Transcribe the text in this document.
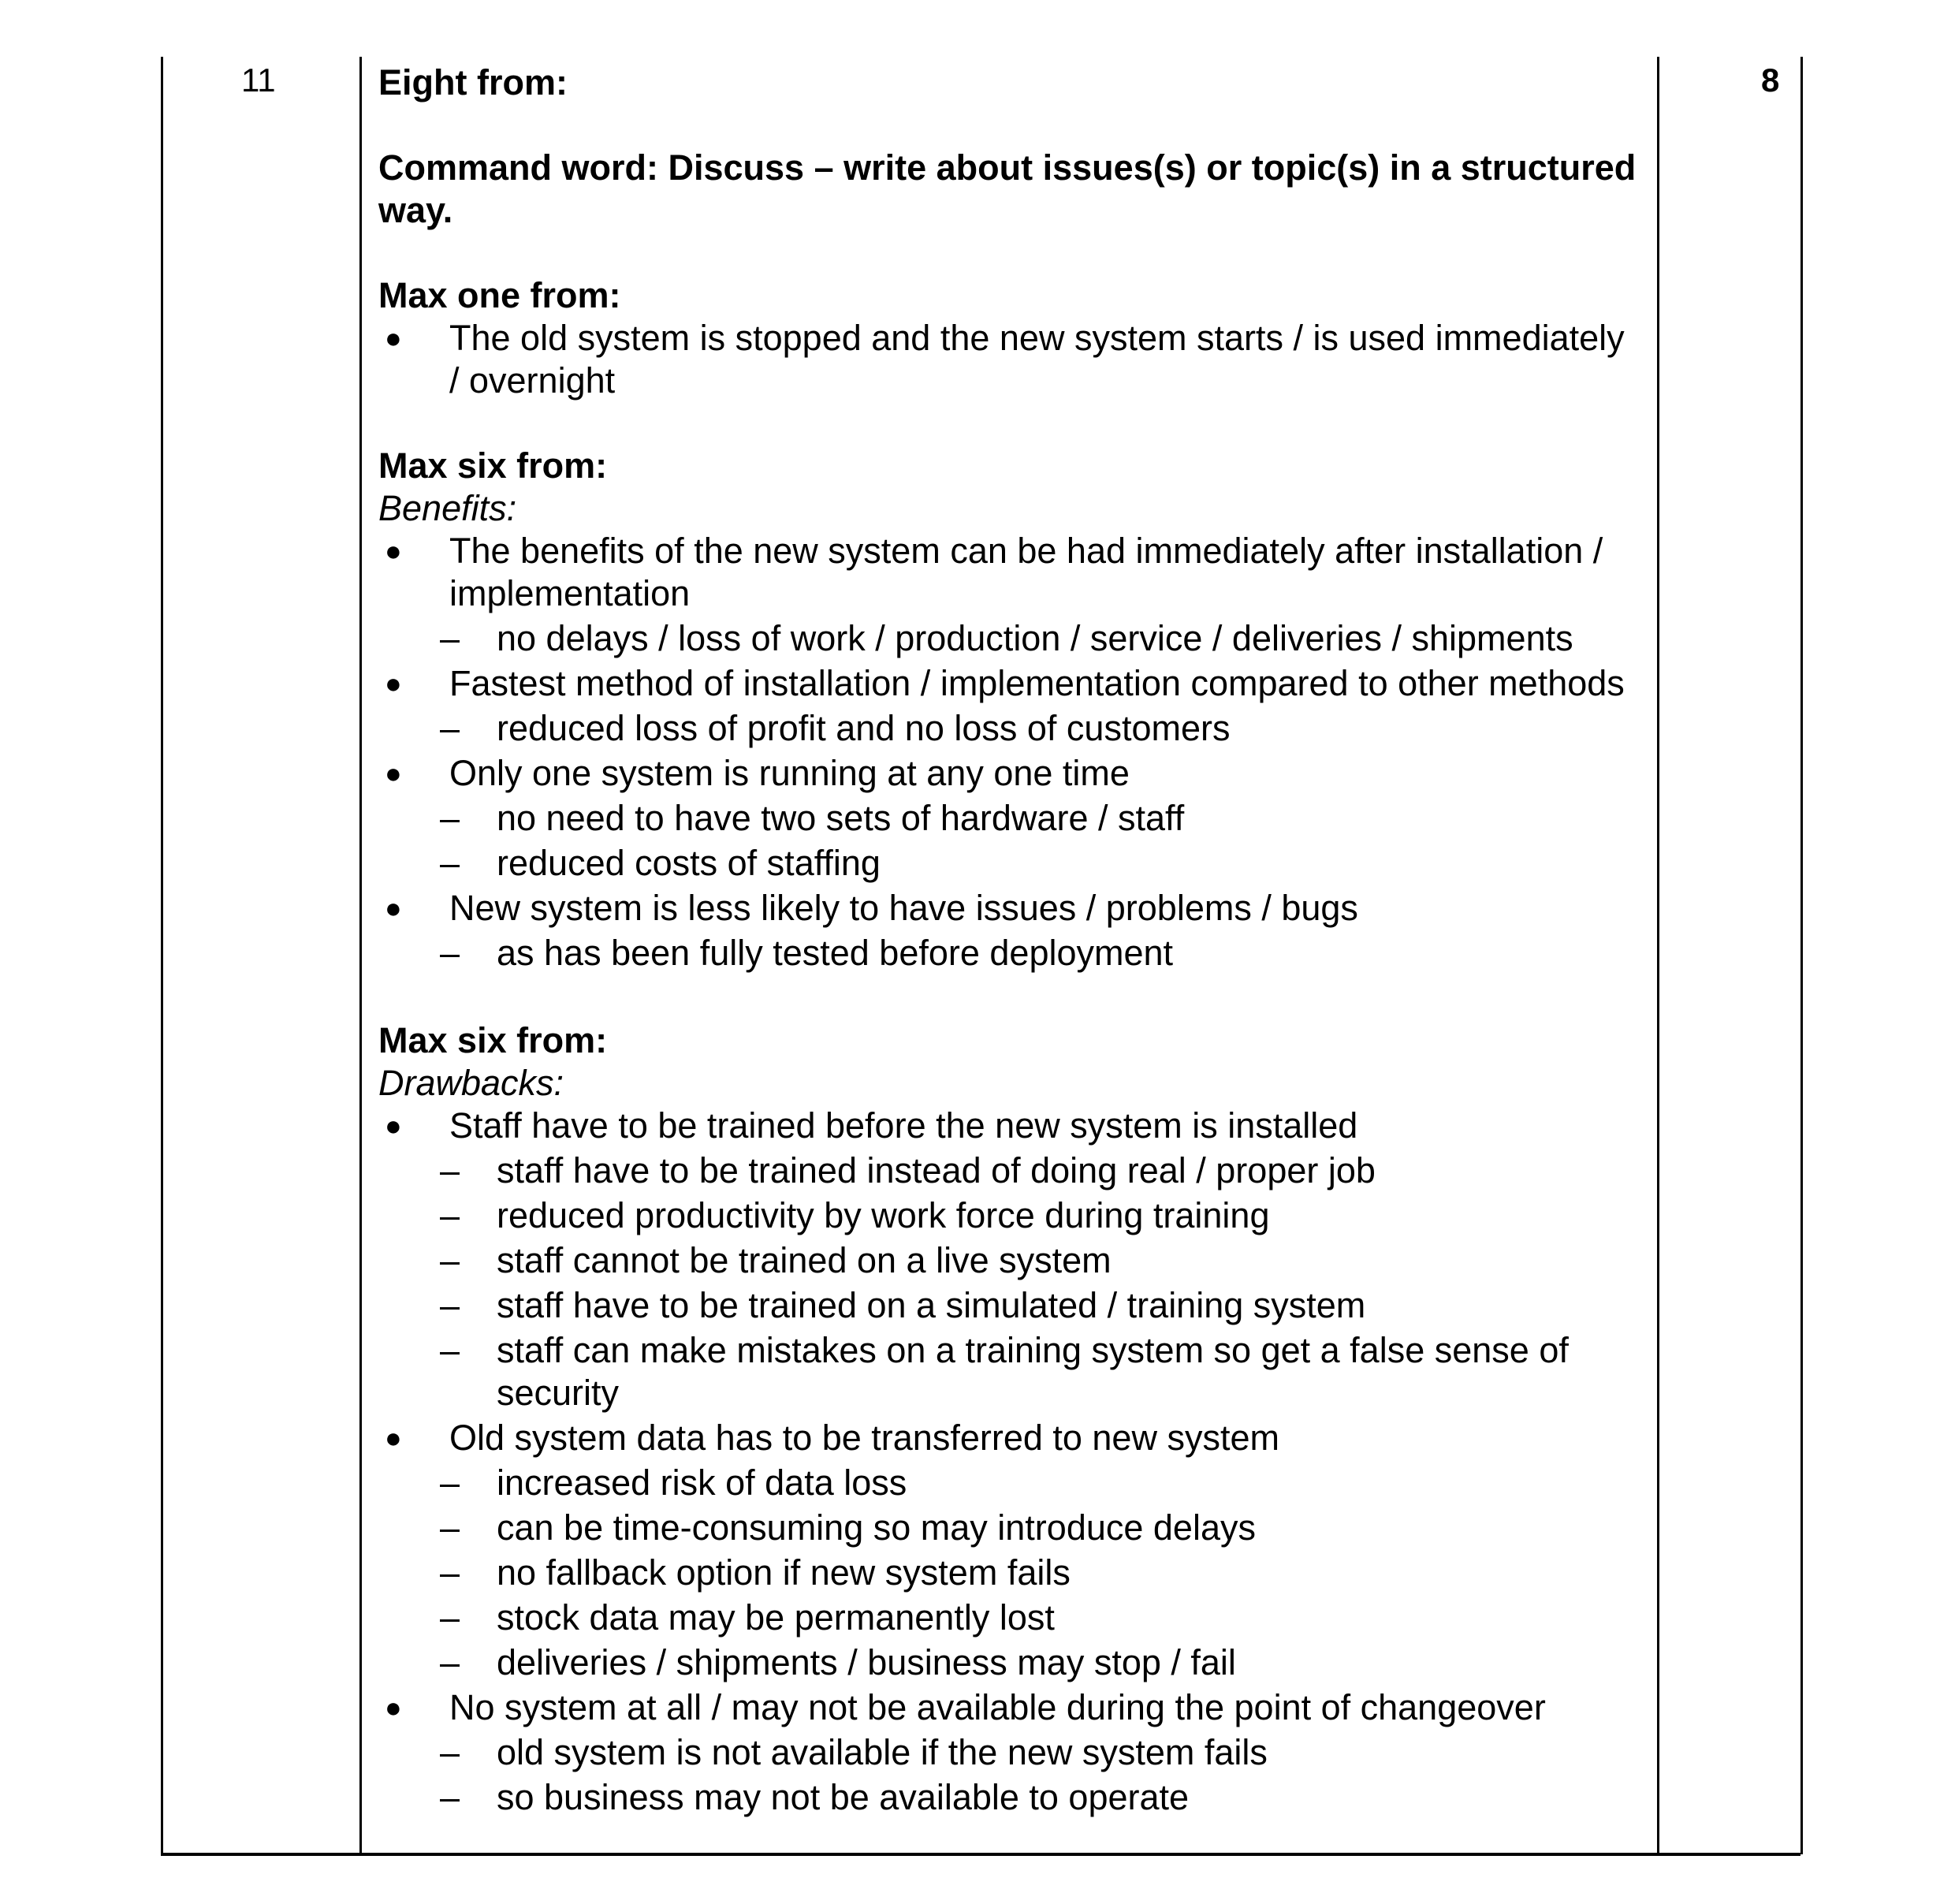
11	8
Eight from:
Command word: Discuss – write about issues(s) or topic(s) in a structured way.
Max one from:
● The old system is stopped and the new system starts / is used immediately / overnight
Max six from:
Benefits:
● The benefits of the new system can be had immediately after installation / implementation
– no delays / loss of work / production / service / deliveries / shipments
● Fastest method of installation / implementation compared to other methods
– reduced loss of profit and no loss of customers
● Only one system is running at any one time
– no need to have two sets of hardware / staff
– reduced costs of staffing
● New system is less likely to have issues / problems / bugs
– as has been fully tested before deployment
Max six from:
Drawbacks:
● Staff have to be trained before the new system is installed
– staff have to be trained instead of doing real / proper job
– reduced productivity by work force during training
– staff cannot be trained on a live system
– staff have to be trained on a simulated / training system
– staff can make mistakes on a training system so get a false sense of security
● Old system data has to be transferred to new system
– increased risk of data loss
– can be time-consuming so may introduce delays
– no fallback option if new system fails
– stock data may be permanently lost
– deliveries / shipments / business may stop / fail
● No system at all / may not be available during the point of changeover
– old system is not available if the new system fails
– so business may not be available to operate
